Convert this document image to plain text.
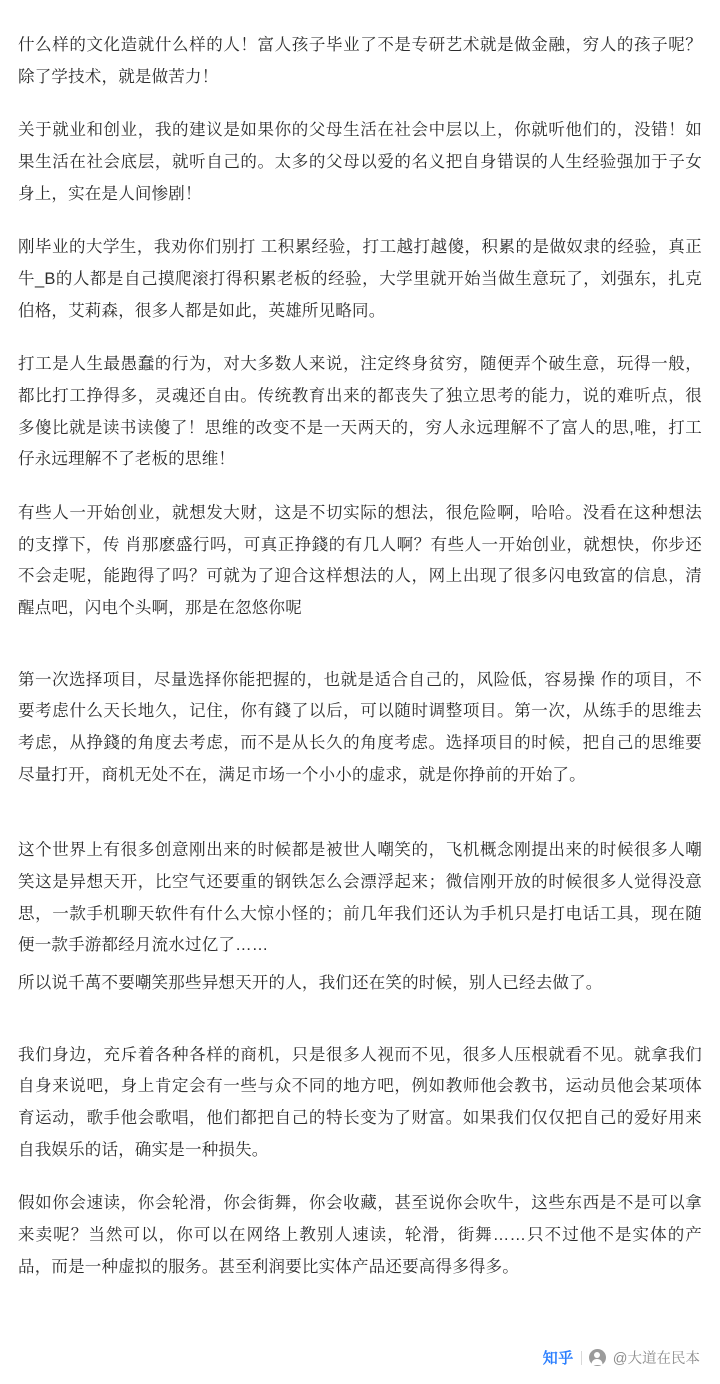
什么样的文化造就什么样的人！富人孩子毕业了不是专研艺术就是做金融，穷人的孩子呢？除了学技术，就是做苦力！

关于就业和创业，我的建议是如果你的父母生活在社会中层以上，你就听他们的，没错！如果生活在社会底层，就听自己的。太多的父母以爱的名义把自身错误的人生经验强加于子女身上，实在是人间惨剧！

刚毕业的大学生，我劝你们别打 工积累经验，打工越打越傻，积累的是做奴隶的经验，真正牛_B的人都是自己摸爬滚打得积累老板的经验，大学里就开始当做生意玩了，刘强东，扎克伯格，艾莉森，很多人都是如此，英雄所见略同。

打工是人生最愚蠢的行为，对大多数人来说，注定终身贫穷，随便弄个破生意，玩得一般，都比打工挣得多，灵魂还自由。传统教育出来的都丧失了独立思考的能力，说的难听点，很多傻比就是读书读傻了！思维的改变不是一天两天的，穷人永远理解不了富人的思,唯，打工仔永远理解不了老板的思维！

有些人一开始创业，就想发大财，这是不切实际的想法，很危险啊，哈哈。没看在这种想法的支撑下，传 肖那麽盛行吗，可真正挣錢的有几人啊？有些人一开始创业，就想快，你步还不会走呢，能跑得了吗？可就为了迎合这样想法的人，网上出现了很多闪电致富的信息，清醒点吧，闪电个头啊，那是在忽悠你呢

第一次选择项目，尽量选择你能把握的，也就是适合自己的，风险低，容易操 作的项目，不要考虑什么天长地久，记住，你有錢了以后，可以随时调整项目。第一次，从练手的思维去考虑，从挣錢的角度去考虑，而不是从长久的角度考虑。选择项目的时候，把自己的思维要尽量打开，商机无处不在，满足市场一个小小的虚求，就是你挣前的开始了。

这个世界上有很多创意刚出来的时候都是被世人嘲笑的，飞机概念刚提出来的时候很多人嘲笑这是异想天开，比空气还要重的钢铁怎么会漂浮起来；微信刚开放的时候很多人觉得没意思，一款手机聊天软件有什么大惊小怪的；前几年我们还认为手机只是打电话工具，现在随便一款手游都经月流水过亿了……

所以说千萬不要嘲笑那些异想天开的人，我们还在笑的时候，别人已经去做了。

我们身边，充斥着各种各样的商机，只是很多人视而不见，很多人压根就看不见。就拿我们自身来说吧，身上肯定会有一些与众不同的地方吧，例如教师他会教书，运动员他会某项体育运动，歌手他会歌唱，他们都把自己的特长变为了财富。如果我们仅仅把自己的爱好用来自我娱乐的话，确实是一种损失。

假如你会速读，你会轮滑，你会街舞，你会收藏，甚至说你会吹牛，这些东西是不是可以拿来卖呢？当然可以，你可以在网络上教别人速读，轮滑，街舞……只不过他不是实体的产品，而是一种虚拟的服务。甚至利润要比实体产品还要高得多得多。

知乎	@大道在民本
